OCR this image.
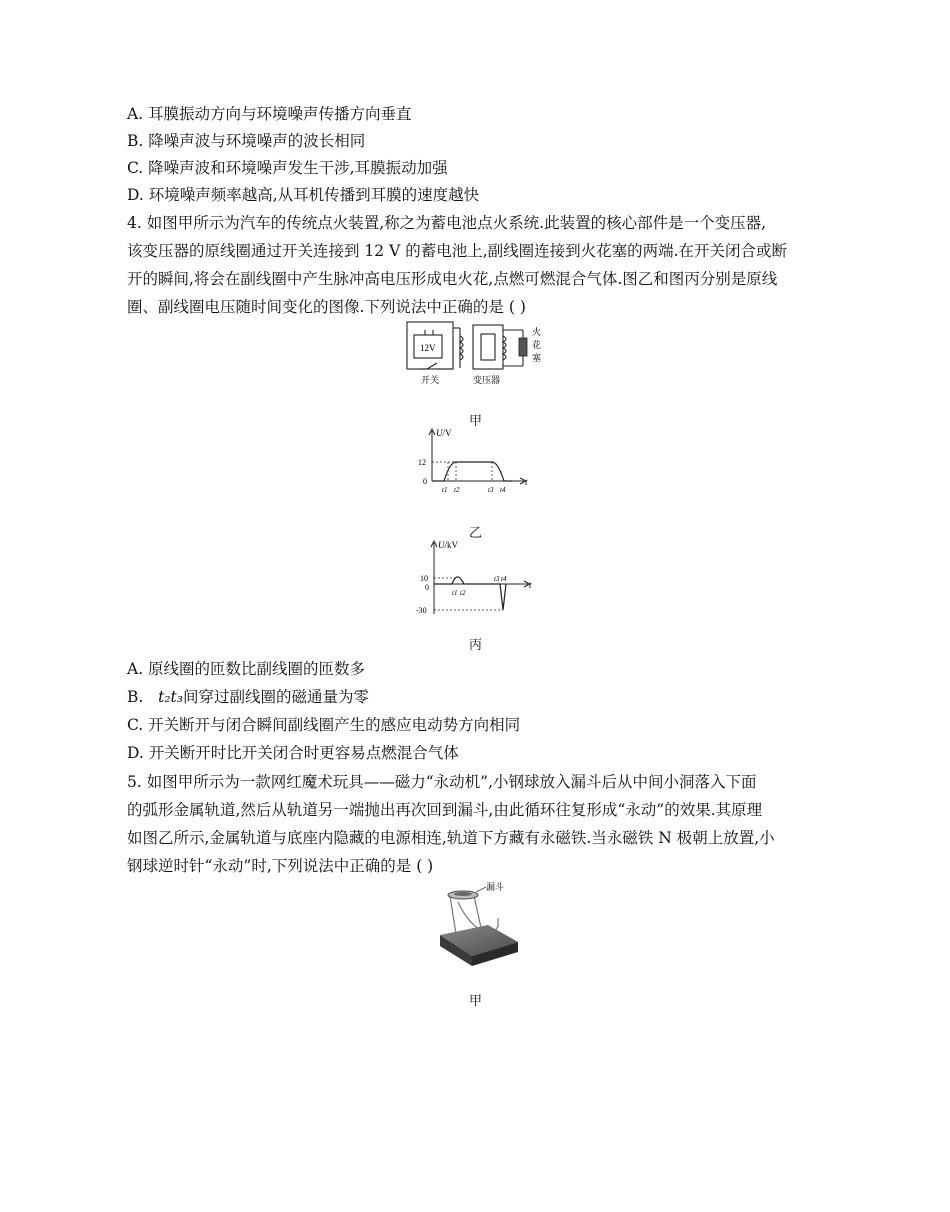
A. 耳膜振动方向与环境噪声传播方向垂直
B. 降噪声波与环境噪声的波长相同
C. 降噪声波和环境噪声发生干涉,耳膜振动加强
D. 环境噪声频率越高,从耳机传播到耳膜的速度越快
4. 如图甲所示为汽车的传统点火装置,称之为蓄电池点火系统.此装置的核心部件是一个变压器,
该变压器的原线圈通过开关连接到 12 V 的蓄电池上,副线圈连接到火花塞的两端.在开关闭合或断
开的瞬间,将会在副线圈中产生脉冲高电压形成电火花,点燃可燃混合气体.图乙和图丙分别是原线
圈、副线圈电压随时间变化的图像.下列说法中正确的是 ( )
12V
火
花
塞
开关	变压器
甲
U/V
12
0	t
t1 t2	t3 t4
乙
U/kV
10
0
-30
t
t1 t2
t3 t4
丙
A. 原线圈的匝数比副线圈的匝数多
B. t₂t₃间穿过副线圈的磁通量为零
C. 开关断开与闭合瞬间副线圈产生的感应电动势方向相同
D. 开关断开时比开关闭合时更容易点燃混合气体
5. 如图甲所示为一款网红魔术玩具——磁力“永动机”,小钢球放入漏斗后从中间小洞落入下面
的弧形金属轨道,然后从轨道另一端抛出再次回到漏斗,由此循环往复形成“永动”的效果.其原理
如图乙所示,金属轨道与底座内隐藏的电源相连,轨道下方藏有永磁铁.当永磁铁 N 极朝上放置,小
钢球逆时针“永动”时,下列说法中正确的是 ( )
漏斗
甲
